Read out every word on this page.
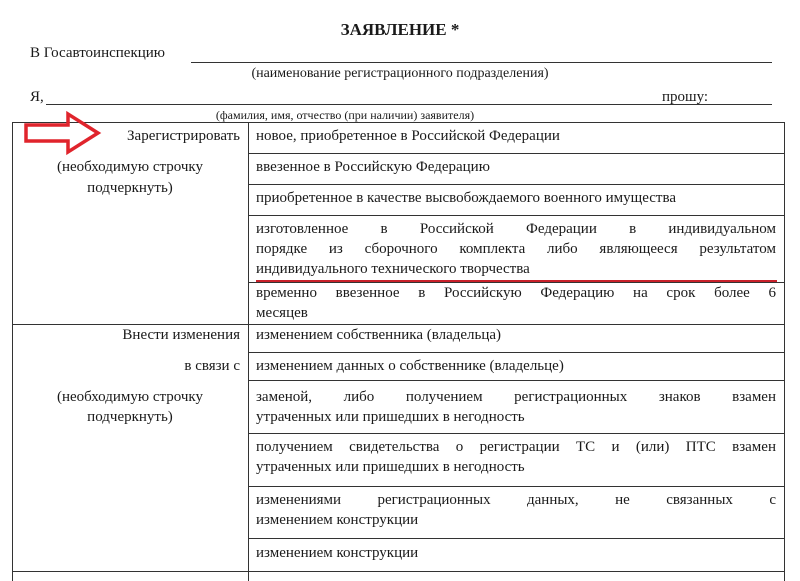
ЗАЯВЛЕНИЕ *
В Госавтоинспекцию
(наименование регистрационного подразделения)
Я,	прошу:
(фамилия, имя, отчество (при наличии) заявителя)
Зарегистрировать
(необходимую строчку
подчеркнуть)
новое, приобретенное в Российской Федерации
ввезенное в Российскую Федерацию
приобретенное в качестве высвобождаемого военного имущества
изготовленное в Российской Федерации в индивидуальном
порядке из сборочного комплекта либо являющееся результатом
индивидуального технического творчества
временно ввезенное в Российскую Федерацию на срок более 6
месяцев
Внести изменения
в связи с
(необходимую строчку
подчеркнуть)
изменением собственника (владельца)
изменением данных о собственнике (владельце)
заменой, либо получением регистрационных знаков взамен
утраченных или пришедших в негодность
получением свидетельства о регистрации ТС и (или) ПТС взамен
утраченных или пришедших в негодность
изменениями регистрационных данных, не связанных с
изменением конструкции
изменением конструкции
